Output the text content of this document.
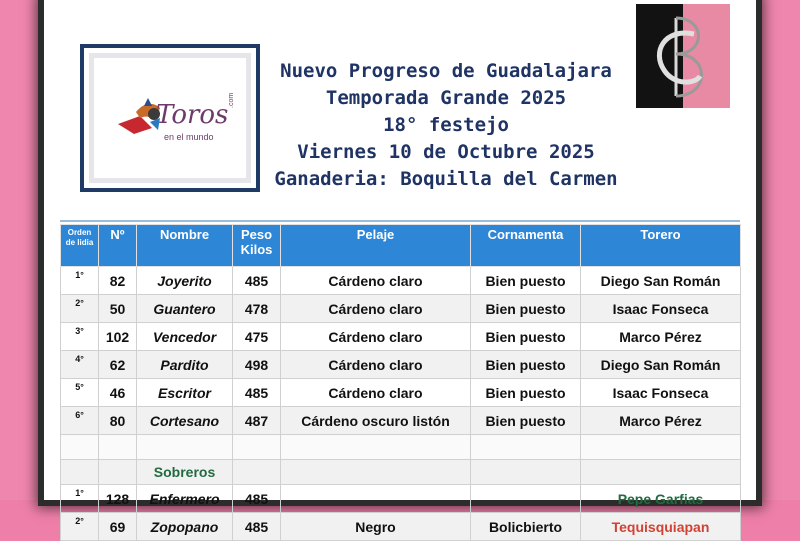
Toros
en el mundo
.com
Nuevo Progreso de Guadalajara
Temporada Grande 2025
18° festejo
Viernes 10 de Octubre 2025
Ganaderia: Boquilla del Carmen
Orden de lidia	Nº	Nombre	Peso Kilos	Pelaje	Cornamenta	Torero
1°	82	Joyerito	485	Cárdeno claro	Bien puesto	Diego San Román
2°	50	Guantero	478	Cárdeno claro	Bien puesto	Isaac Fonseca
3°	102	Vencedor	475	Cárdeno claro	Bien puesto	Marco Pérez
4°	62	Pardito	498	Cárdeno claro	Bien puesto	Diego San Román
5°	46	Escritor	485	Cárdeno claro	Bien puesto	Isaac Fonseca
6°	80	Cortesano	487	Cárdeno oscuro listón	Bien puesto	Marco Pérez

		Sobreros				
1°	128	Enfermero	485			Pepe Garfias
2°	69	Zopopano	485	Negro	Bolicbierto	Tequisquiapan
